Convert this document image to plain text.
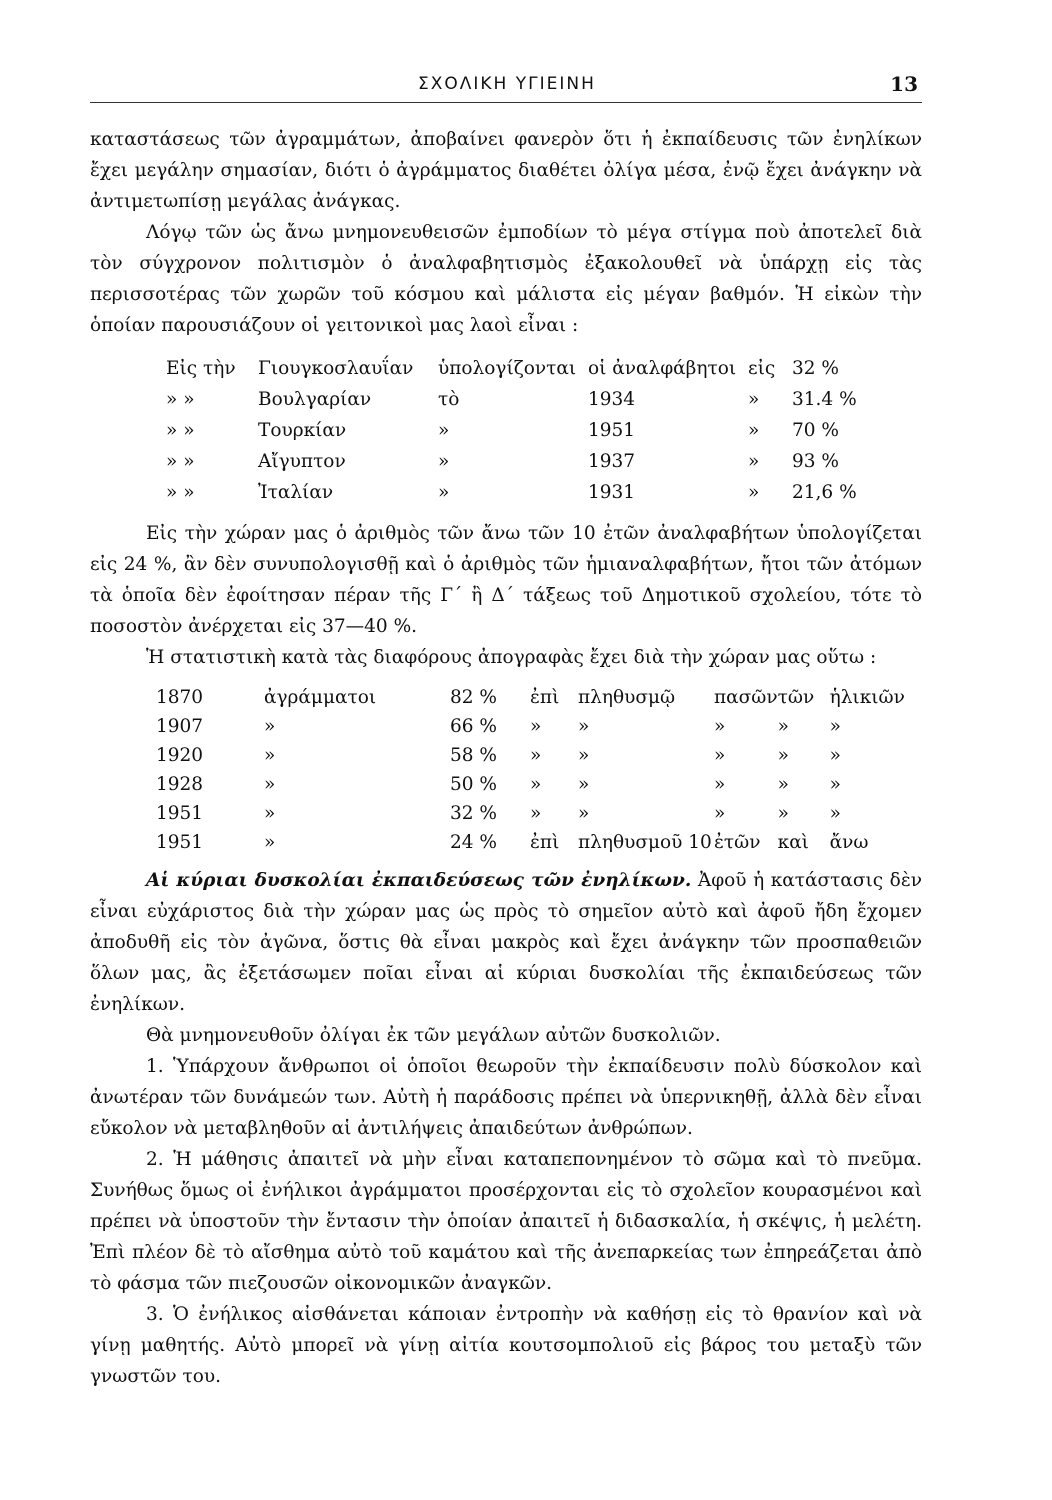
ΣΧΟΛΙΚΗ ΥΓΙΕΙΝΗ	13

καταστάσεως τῶν ἀγραμμάτων, ἀποβαίνει φανερὸν ὅτι ἡ ἐκπαίδευσις τῶν ἐνηλίκων ἔχει μεγάλην σημασίαν, διότι ὁ ἀγράμματος διαθέτει ὀλίγα μέσα, ἐνῷ ἔχει ἀνάγκην νὰ ἀντιμετωπίσῃ μεγάλας ἀνάγκας.

Λόγῳ τῶν ὡς ἄνω μνημονευθεισῶν ἐμποδίων τὸ μέγα στίγμα ποὺ ἀποτελεῖ διὰ τὸν σύγχρονον πολιτισμὸν ὁ ἀναλφαβητισμὸς ἐξακολουθεῖ νὰ ὑπάρχῃ εἰς τὰς περισσοτέρας τῶν χωρῶν τοῦ κόσμου καὶ μάλιστα εἰς μέγαν βαθμόν. Ἡ εἰκὼν τὴν ὁποίαν παρουσιάζουν οἱ γειτονικοὶ μας λαοὶ εἶναι :

Εἰς τὴν	Γιουγκοσλαυΐαν	ὑπολογίζονται	οἱ ἀναλφάβητοι	εἰς	32 %
» »	Βουλγαρίαν	τὸ	1934	»	31.4 %
» »	Τουρκίαν	»	1951	»	70 %
» »	Αἴγυπτον	»	1937	»	93 %
» »	Ἰταλίαν	»	1931	»	21,6 %

Εἰς τὴν χώραν μας ὁ ἀριθμὸς τῶν ἄνω τῶν 10 ἐτῶν ἀναλφαβήτων ὑπολογίζεται εἰς 24 %, ἂν δὲν συνυπολογισθῇ καὶ ὁ ἀριθμὸς τῶν ἡμιαναλφαβήτων, ἤτοι τῶν ἀτόμων τὰ ὁποῖα δὲν ἐφοίτησαν πέραν τῆς Γ΄ ἢ Δ΄ τάξεως τοῦ Δημοτικοῦ σχολείου, τότε τὸ ποσοστὸν ἀνέρχεται εἰς 37—40 %.

Ἡ στατιστικὴ κατὰ τὰς διαφόρους ἀπογραφὰς ἔχει διὰ τὴν χώραν μας οὕτω :

1870	ἀγράμματοι	82 %	ἐπὶ	πληθυσμῷ	πασῶν	τῶν	ἡλικιῶν
1907	»	66 %	»	»	»	»	»
1920	»	58 %	»	»	»	»	»
1928	»	50 %	»	»	»	»	»
1951	»	32 %	»	»	»	»	»
1951	»	24 %	ἐπὶ	πληθυσμοῦ 10	ἐτῶν	καὶ	ἄνω

Αἱ κύριαι δυσκολίαι ἐκπαιδεύσεως τῶν ἐνηλίκων. Ἀφοῦ ἡ κατάστασις δὲν εἶναι εὐχάριστος διὰ τὴν χώραν μας ὡς πρὸς τὸ σημεῖον αὐτὸ καὶ ἀφοῦ ἤδη ἔχομεν ἀποδυθῆ εἰς τὸν ἀγῶνα, ὅστις θὰ εἶναι μακρὸς καὶ ἔχει ἀνάγκην τῶν προσπαθειῶν ὅλων μας, ἂς ἐξετάσωμεν ποῖαι εἶναι αἱ κύριαι δυσκολίαι τῆς ἐκπαιδεύσεως τῶν ἐνηλίκων.

Θὰ μνημονευθοῦν ὀλίγαι ἐκ τῶν μεγάλων αὐτῶν δυσκολιῶν.

1. Ὑπάρχουν ἄνθρωποι οἱ ὁποῖοι θεωροῦν τὴν ἐκπαίδευσιν πολὺ δύσκολον καὶ ἀνωτέραν τῶν δυνάμεών των. Αὐτὴ ἡ παράδοσις πρέπει νὰ ὑπερνικηθῇ, ἀλλὰ δὲν εἶναι εὔκολον νὰ μεταβληθοῦν αἱ ἀντιλήψεις ἀπαιδεύτων ἀνθρώπων.

2. Ἡ μάθησις ἀπαιτεῖ νὰ μὴν εἶναι καταπεπονημένον τὸ σῶμα καὶ τὸ πνεῦμα. Συνήθως ὅμως οἱ ἐνήλικοι ἀγράμματοι προσέρχονται εἰς τὸ σχολεῖον κουρασμένοι καὶ πρέπει νὰ ὑποστοῦν τὴν ἔντασιν τὴν ὁποίαν ἀπαιτεῖ ἡ διδασκαλία, ἡ σκέψις, ἡ μελέτη. Ἐπὶ πλέον δὲ τὸ αἴσθημα αὐτὸ τοῦ καμάτου καὶ τῆς ἀνεπαρκείας των ἐπηρεάζεται ἀπὸ τὸ φάσμα τῶν πιεζουσῶν οἰκονομικῶν ἀναγκῶν.

3. Ὁ ἐνήλικος αἰσθάνεται κάποιαν ἐντροπὴν νὰ καθήσῃ εἰς τὸ θρανίον καὶ νὰ γίνῃ μαθητής. Αὐτὸ μπορεῖ νὰ γίνῃ αἰτία κουτσομπολιοῦ εἰς βάρος του μεταξὺ τῶν γνωστῶν του.
